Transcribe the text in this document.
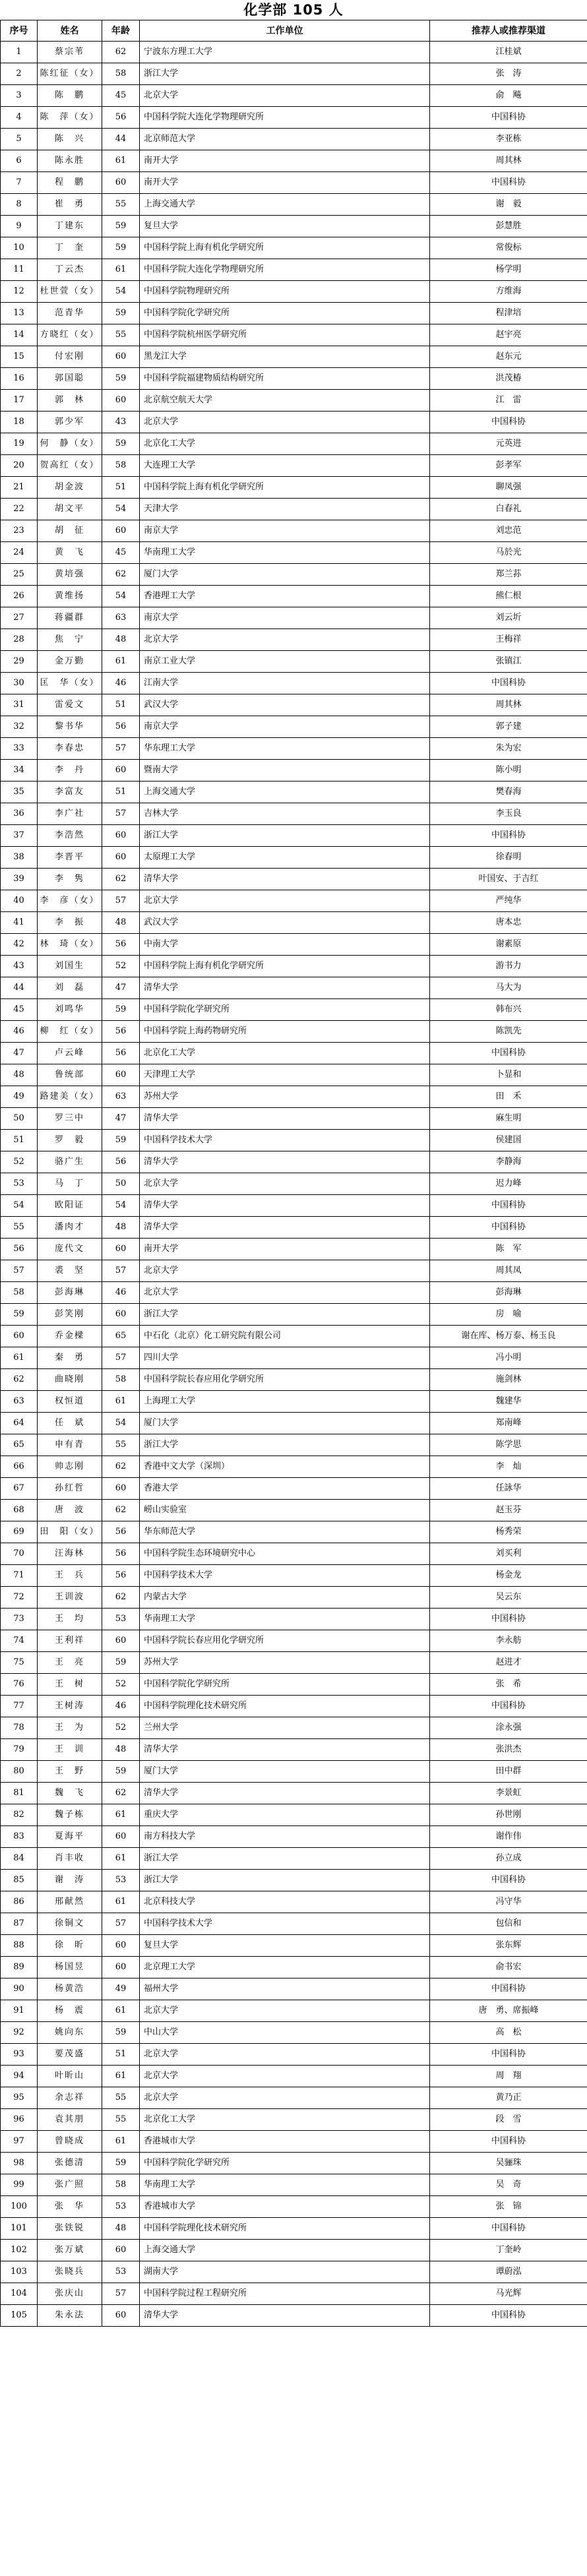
化学部 105 人
序号	姓名	年龄	工作单位	推荐人或推荐渠道
1	蔡宗苇	62	宁波东方理工大学	江桂斌
2	陈红征（女）	58	浙江大学	张　涛
3	陈　鹏	45	北京大学	俞　飚
4	陈　萍（女）	56	中国科学院大连化学物理研究所	中国科协
5	陈　兴	44	北京师范大学	李亚栋
6	陈永胜	61	南开大学	周其林
7	程　鹏	60	南开大学	中国科协
8	崔　勇	55	上海交通大学	谢　毅
9	丁建东	59	复旦大学	彭慧胜
10	丁　奎	59	中国科学院上海有机化学研究所	常俊标
11	丁云杰	61	中国科学院大连化学物理研究所	杨学明
12	杜世萱（女）	54	中国科学院物理研究所	方维海
13	范青华	59	中国科学院化学研究所	程津培
14	方晓红（女）	55	中国科学院杭州医学研究所	赵宇亮
15	付宏刚	60	黑龙江大学	赵东元
16	郭国聪	59	中国科学院福建物质结构研究所	洪茂椿
17	郭　林	60	北京航空航天大学	江　雷
18	郭少军	43	北京大学	中国科协
19	何　静（女）	59	北京化工大学	元英进
20	贺高红（女）	58	大连理工大学	彭孝军
21	胡金波	51	中国科学院上海有机化学研究所	聊凤强
22	胡文平	54	天津大学	白春礼
23	胡　征	60	南京大学	刘忠范
24	黄　飞	45	华南理工大学	马於光
25	黄培强	62	厦门大学	郑兰荪
26	黄维扬	54	香港理工大学	熊仁根
27	蒋疆群	63	南京大学	刘云圻
28	焦　宁	48	北京大学	王梅祥
29	金万勤	61	南京工业大学	张镇江
30	匡　华（女）	46	江南大学	中国科协
31	雷爱文	51	武汉大学	周其林
32	黎书华	56	南京大学	郭子建
33	李春忠	57	华东理工大学	朱为宏
34	李　丹	60	暨南大学	陈小明
35	李富友	51	上海交通大学	樊春海
36	李广社	57	吉林大学	李玉良
37	李浩然	60	浙江大学	中国科协
38	李晋平	60	太原理工大学	徐春明
39	李　隽	62	清华大学	叶国安、于吉红
40	李　彦（女）	57	北京大学	严纯华
41	李　振	48	武汉大学	唐本忠
42	林　琦（女）	56	中南大学	谢素原
43	刘国生	52	中国科学院上海有机化学研究所	游书力
44	刘　磊	47	清华大学	马大为
45	刘鸣华	59	中国科学院化学研究所	韩布兴
46	柳　红（女）	56	中国科学院上海药物研究所	陈凯先
47	卢云峰	56	北京化工大学	中国科协
48	鲁统部	60	天津理工大学	卜显和
49	路建美（女）	63	苏州大学	田　禾
50	罗三中	47	清华大学	麻生明
51	罗　毅	59	中国科学技术大学	侯建国
52	骆广生	56	清华大学	李静海
53	马　丁	50	北京大学	迟力峰
54	欧阳证	54	清华大学	中国科协
55	潘肉才	48	清华大学	中国科协
56	庞代文	60	南开大学	陈　军
57	裘　坚	57	北京大学	周其凤
58	彭海琳	46	北京大学	彭海琳
59	彭笑刚	60	浙江大学	房　喻
60	乔金樑	65	中石化（北京）化工研究院有限公司	谢在库、杨万泰、杨玉良
61	秦　勇	57	四川大学	冯小明
62	曲晓刚	58	中国科学院长春应用化学研究所	施剑林
63	权恒道	61	上海理工大学	魏建华
64	任　斌	54	厦门大学	郑南峰
65	申有青	55	浙江大学	陈学思
66	帅志刚	62	香港中文大学（深圳）	李　灿
67	孙红哲	60	香港大学	任詠华
68	唐　波	62	崂山实验室	赵玉芬
69	田　阳（女）	56	华东师范大学	杨秀荣
70	汪海林	56	中国科学院生态环境研究中心	刘买利
71	王　兵	56	中国科学技术大学	杨金龙
72	王训波	62	内蒙古大学	吴云东
73	王　均	53	华南理工大学	中国科协
74	王利祥	60	中国科学院长春应用化学研究所	李永舫
75	王　亮	59	苏州大学	赵进才
76	王　树	52	中国科学院化学研究所	张　希
77	王树涛	46	中国科学院理化技术研究所	中国科协
78	王　为	52	兰州大学	涂永强
79	王　训	48	清华大学	张洪杰
80	王　野	59	厦门大学	田中群
81	魏　飞	62	清华大学	李景虹
82	魏子栋	61	重庆大学	孙世刚
83	夏海平	60	南方科技大学	谢作伟
84	肖丰收	61	浙江大学	孙立成
85	谢　涛	53	浙江大学	中国科协
86	邢献然	61	北京科技大学	冯守华
87	徐铜文	57	中国科学技术大学	包信和
88	徐　昕	60	复旦大学	张东辉
89	杨国昱	60	北京理工大学	俞书宏
90	杨黄浩	49	福州大学	中国科协
91	杨　震	61	北京大学	唐　勇、席振峰
92	姚向东	59	中山大学	高　松
93	要茂盛	51	北京大学	中国科协
94	叶昕山	61	北京大学	周　翔
95	余志祥	55	北京大学	黄乃正
96	袁其朋	55	北京化工大学	段　雪
97	曾晓成	61	香港城市大学	中国科协
98	张德清	59	中国科学院化学研究所	吴骊珠
99	张广照	58	华南理工大学	吴　奇
100	张　华	53	香港城市大学	张　锦
101	张铁锐	48	中国科学院理化技术研究所	中国科协
102	张万斌	60	上海交通大学	丁奎岭
103	张晓兵	53	湖南大学	谭蔚泓
104	张庆山	57	中国科学院过程工程研究所	马光辉
105	朱永法	60	清华大学	中国科协
